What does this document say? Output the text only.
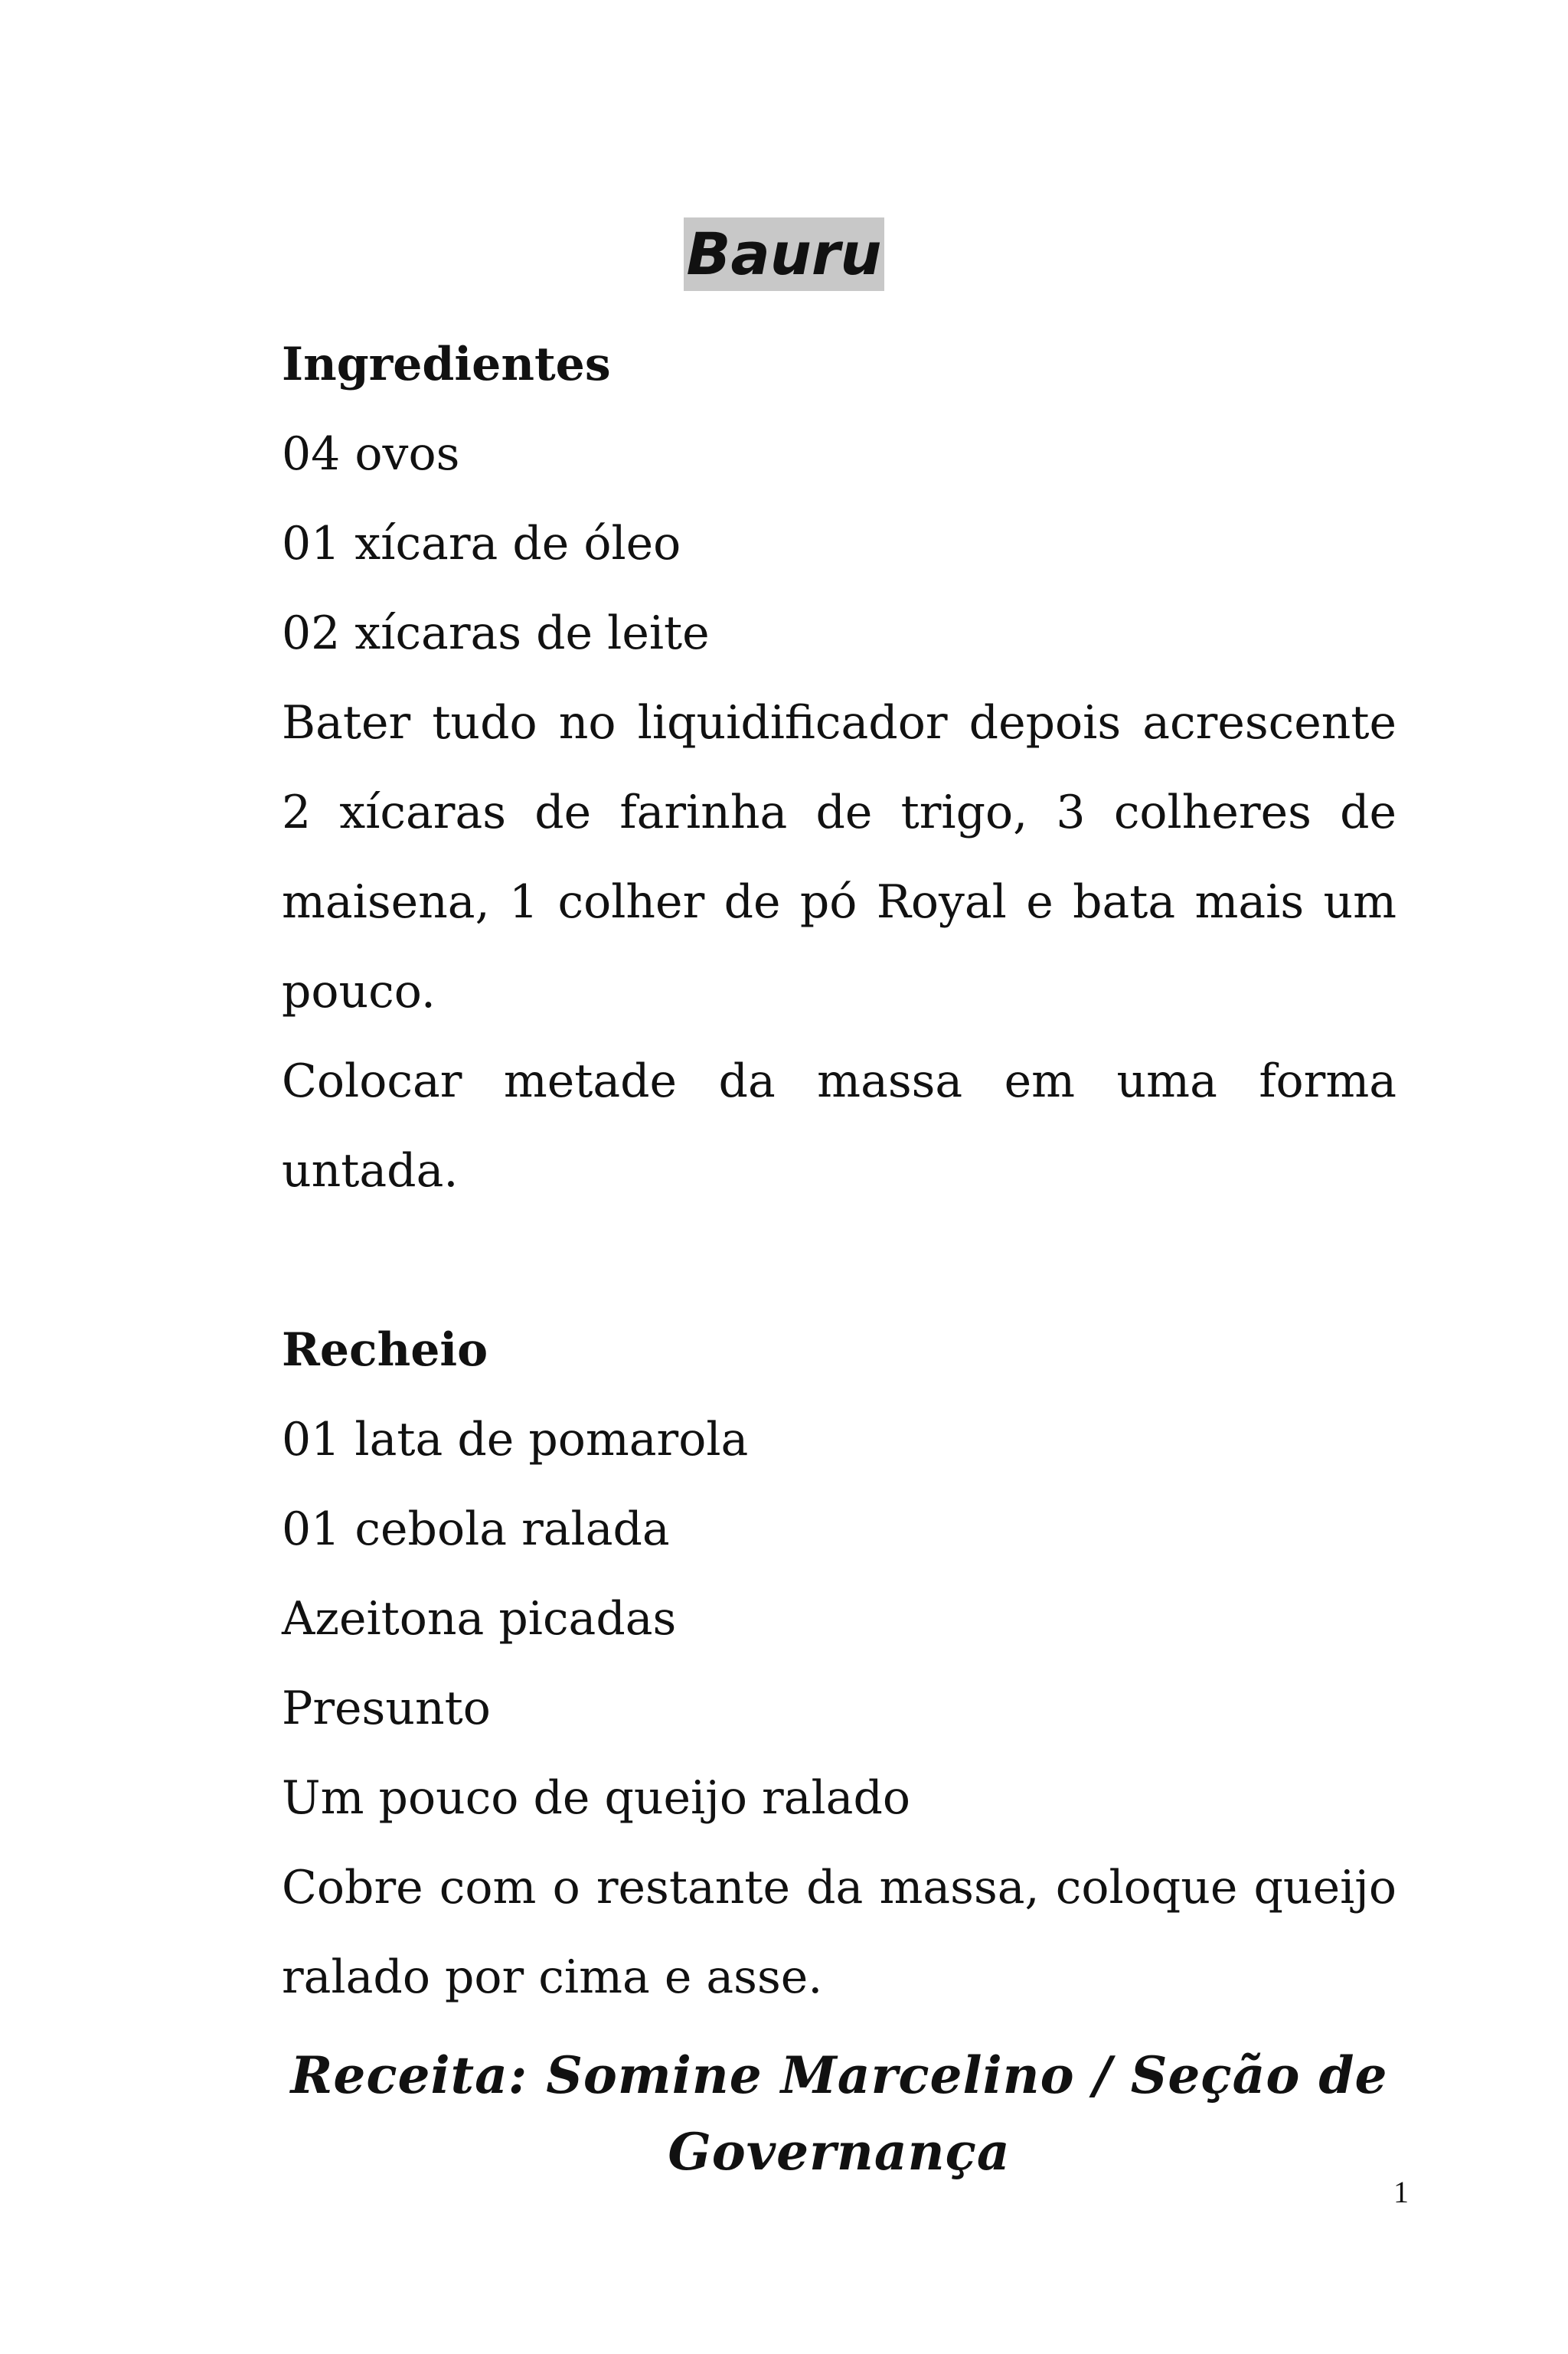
Bauru
Ingredientes
04 ovos
01 xícara de óleo
02 xícaras de leite
Bater tudo no liquidificador depois acrescente 2 xícaras de farinha de trigo, 3 colheres de maisena, 1 colher de pó Royal e bata mais um pouco.
Colocar metade da massa em uma forma untada.
Recheio
01 lata de pomarola
01 cebola ralada
Azeitona picadas
Presunto
Um pouco de queijo ralado
Cobre com o restante da massa, coloque queijo ralado por cima e asse.
Receita: Somine Marcelino / Seção de Governança
1
